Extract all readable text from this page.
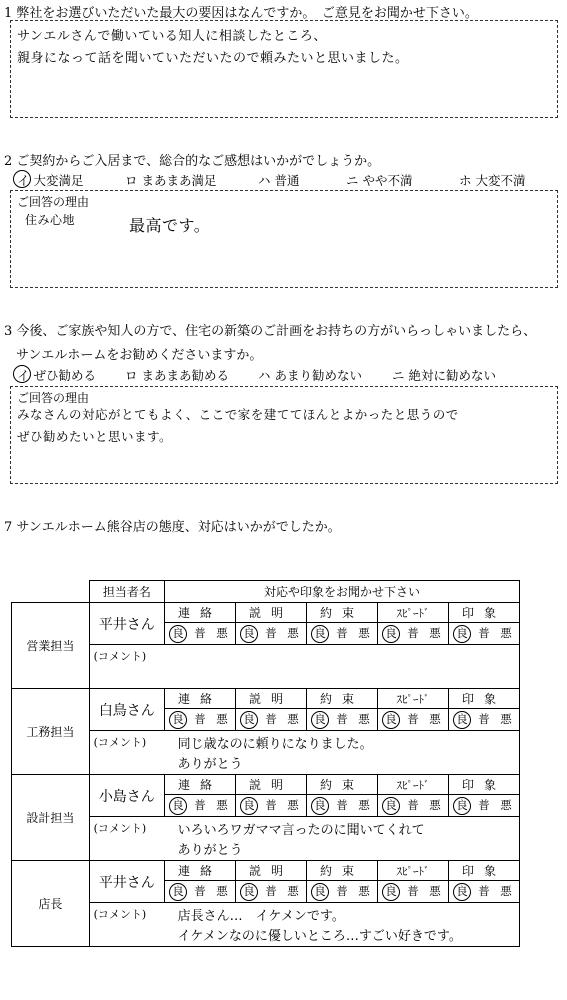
1 弊社をお選びいただいた最大の要因はなんですか。　ご意見をお聞かせ下さい。
サンエルさんで働いている知人に相談したところ、
親身になって話を聞いていただいたので頼みたいと思いました。
2 ご契約からご入居まで、総合的なご感想はいかがでしょうか。
イ 大変満足	ロ まあまあ満足	ハ 普通	ニ やや不満	ホ 大変不満
ご回答の理由
住み心地	最高です。
3 今後、ご家族や知人の方で、住宅の新築のご計画をお持ちの方がいらっしゃいましたら、
サンエルホームをお勧めくださいますか。
イ ぜひ勧める ロ まあまあ勧める ハ あまり勧めない ニ 絶対に勧めない
ご回答の理由
みなさんの対応がとてもよく、ここで家を建ててほんとよかったと思うので
ぜひ勧めたいと思います。
7 サンエルホーム熊谷店の態度、対応はいかがでしたか。
	担当者名	対応や印象をお聞かせ下さい				
営業担当	平井さん	連絡	説明	約束	ｽﾋﾟｰﾄﾞ	印象
		良 普 悪	良 普 悪	良 普 悪	良 普 悪	良 普 悪

	(コメント)					

工務担当	白鳥さん	連絡	説明	約束	ｽﾋﾟｰﾄﾞ	印象
		良 普 悪	良 普 悪	良 普 悪	良 普 悪	良 普 悪

	(コメント) 同じ歳なのに頼りになりました。
ありがとう					

設計担当	小島さん	連絡	説明	約束	ｽﾋﾟｰﾄﾞ	印象
		良 普 悪	良 普 悪	良 普 悪	良 普 悪	良 普 悪

	(コメント) いろいろワガママ言ったのに聞いてくれて
ありがとう					

店長	平井さん	連絡	説明	約束	ｽﾋﾟｰﾄﾞ	印象
		良 普 悪	良 普 悪	良 普 悪	良 普 悪	良 普 悪

	(コメント) 店長さん…　イケメンです。
イケメンなのに優しいところ…すごい好きです。					
